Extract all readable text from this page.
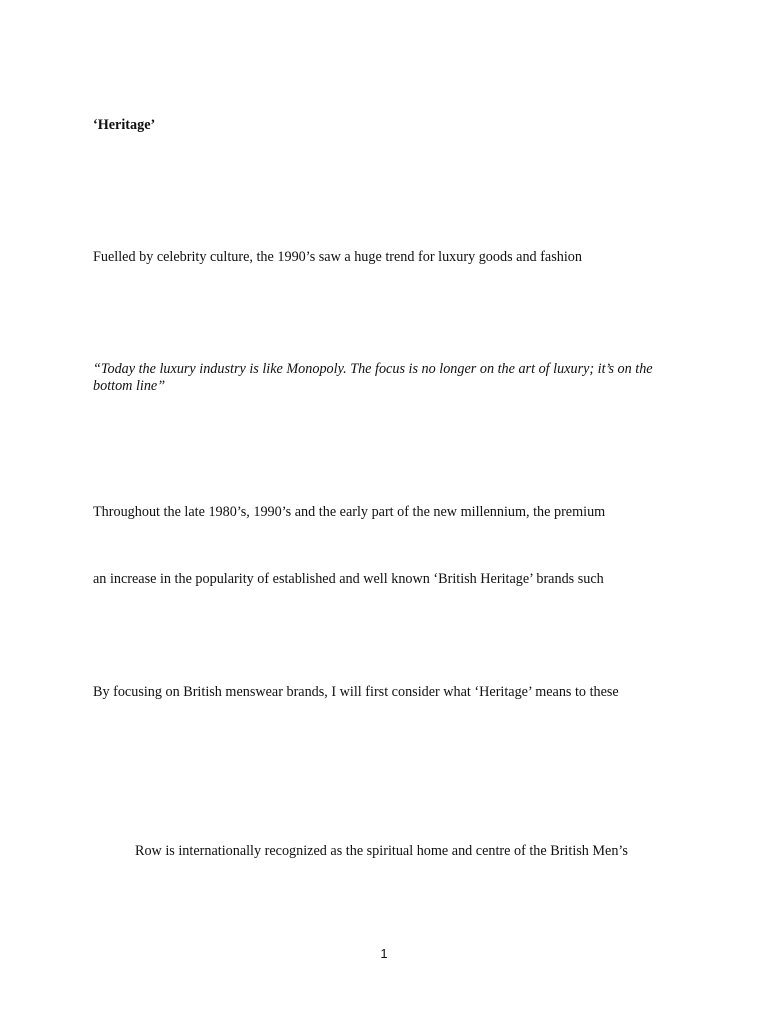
‘Heritage’

Fuelled by celebrity culture, the 1990’s saw a huge trend for luxury goods and fashion

“Today the luxury industry is like Monopoly. The focus is no longer on the art of luxury; it’s on the bottom line”

Throughout the late 1980’s, 1990’s and the early part of the new millennium, the premium

an increase in the popularity of established and well known ‘British Heritage’ brands such

By focusing on British menswear brands, I will first consider what ‘Heritage’ means to these

Row is internationally recognized as the spiritual home and centre of the British Men’s

1
